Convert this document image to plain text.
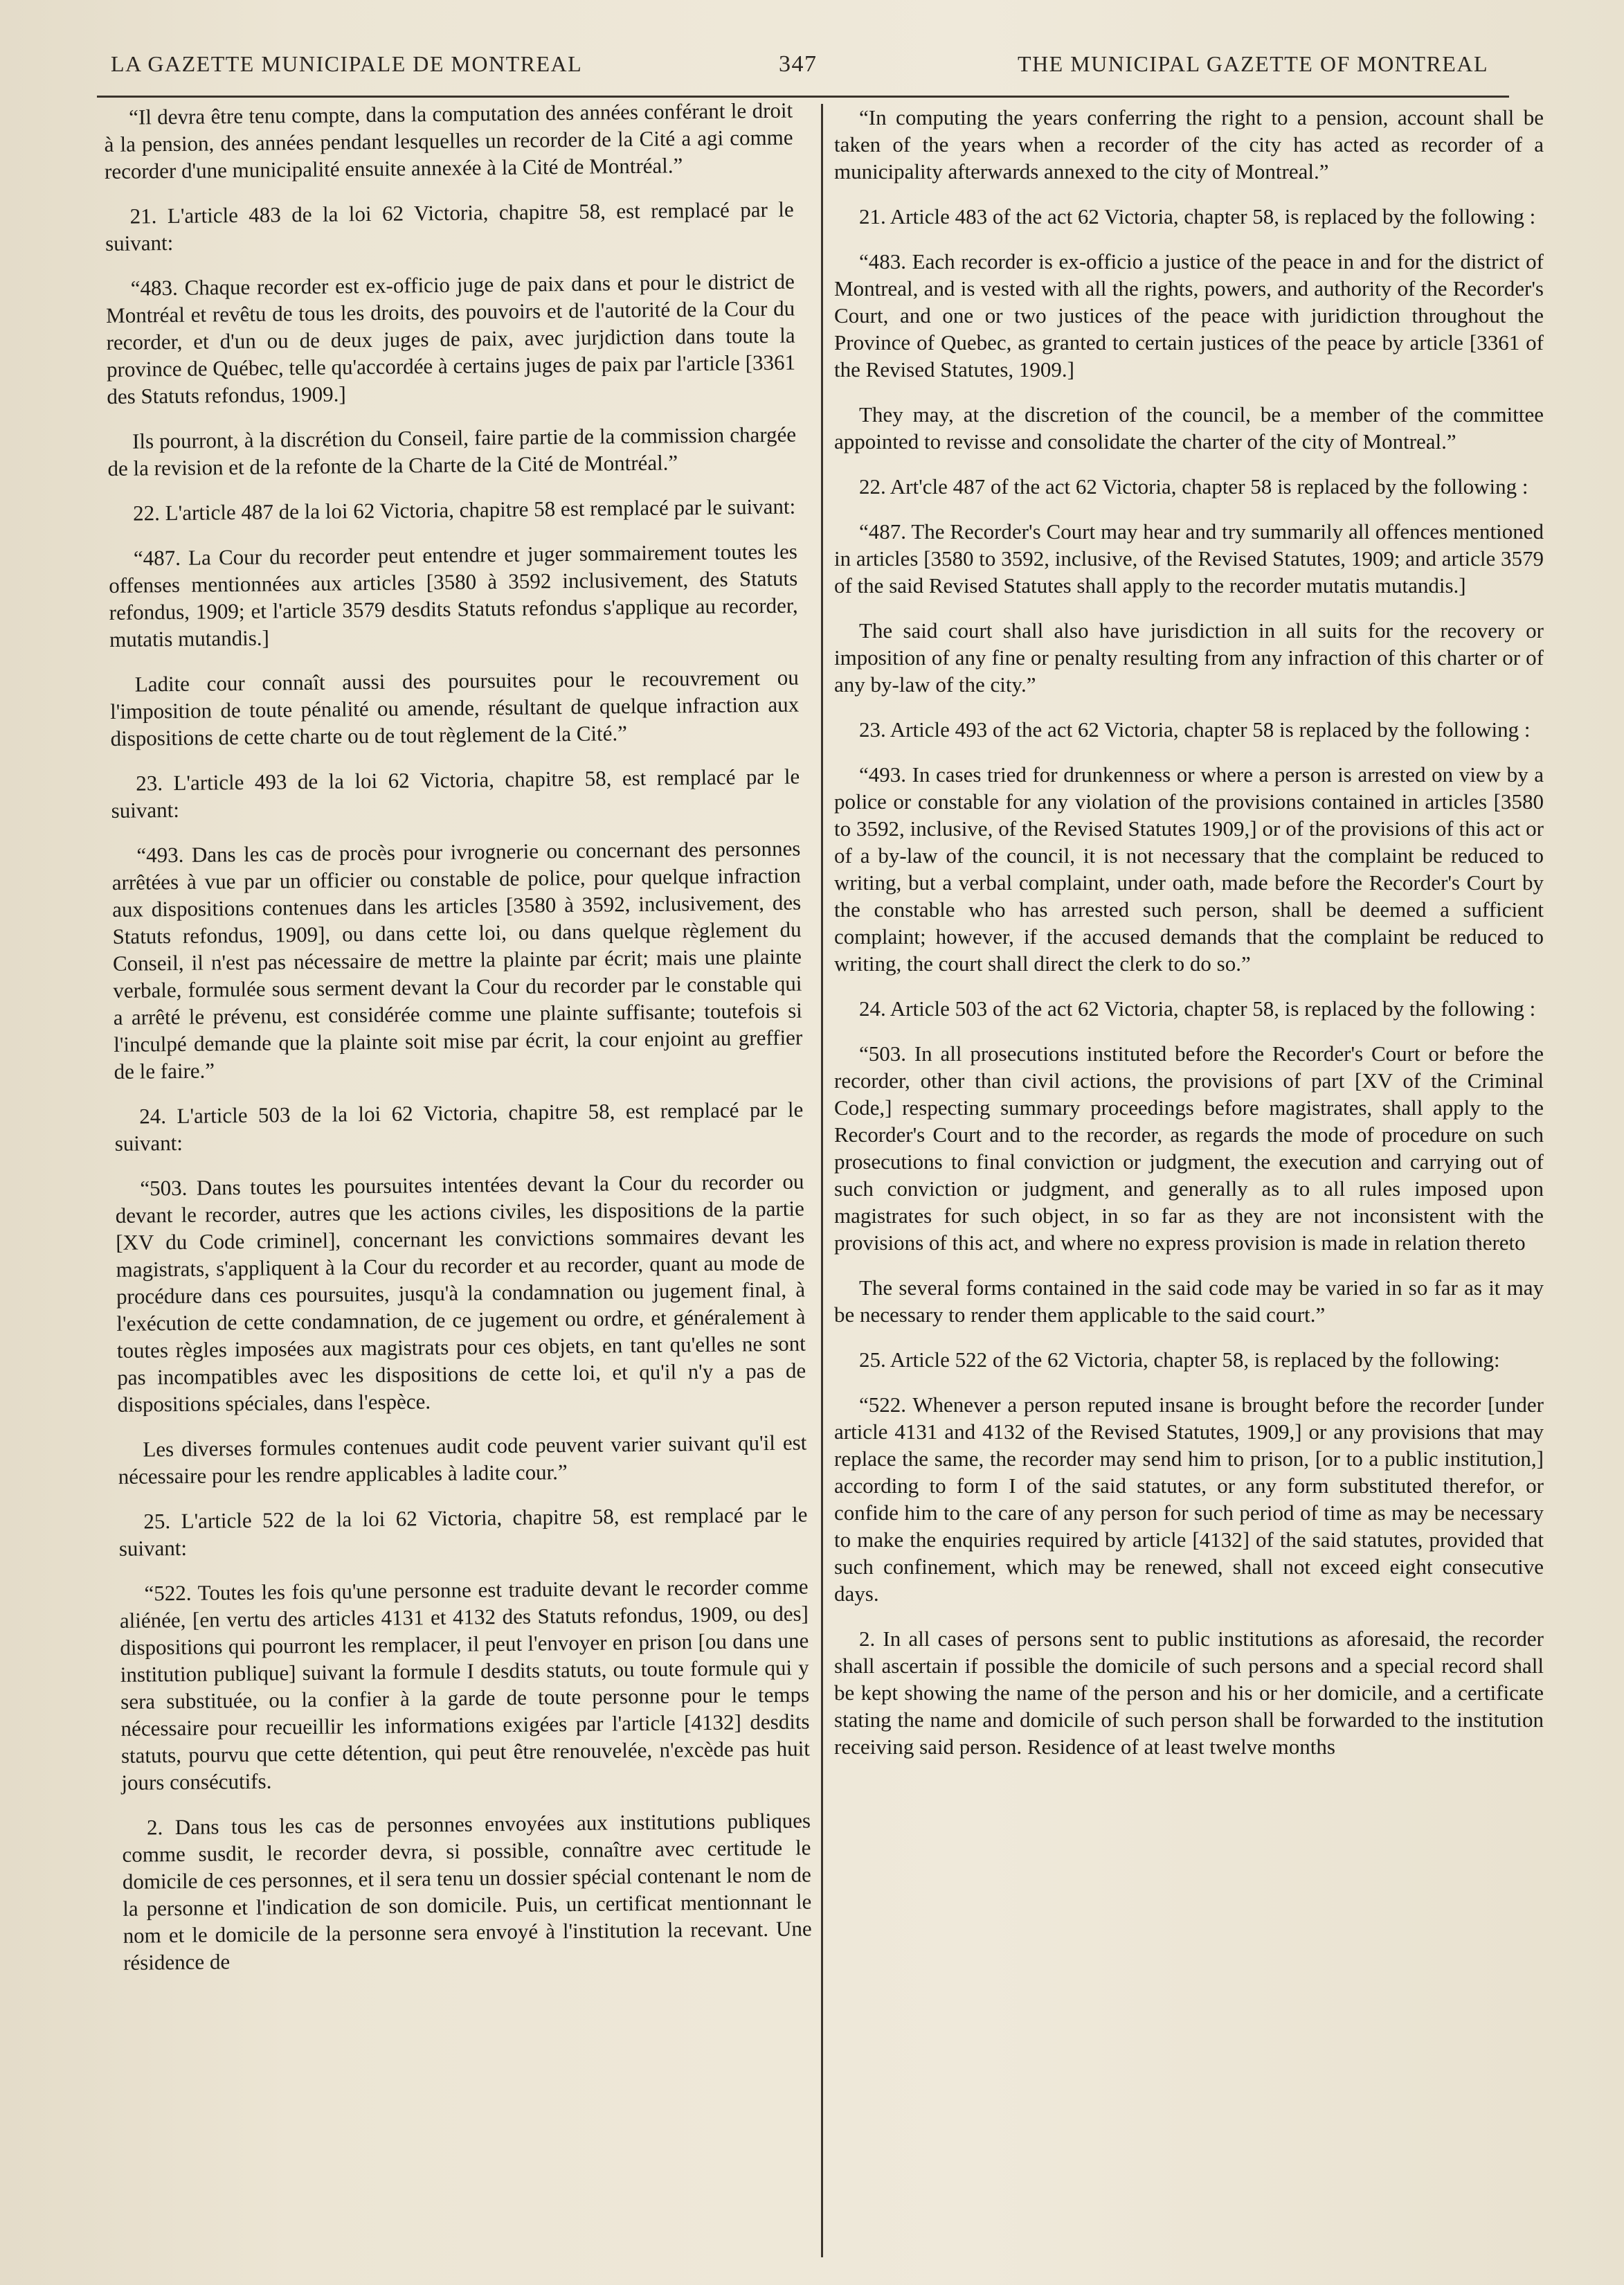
LA GAZETTE MUNICIPALE DE MONTREAL	347	THE MUNICIPAL GAZETTE OF MONTREAL

“Il devra être tenu compte, dans la computation des années conférant le droit à la pension, des années pendant lesquelles un recorder de la Cité a agi comme recorder d'une municipalité ensuite annexée à la Cité de Montréal.”

21. L'article 483 de la loi 62 Victoria, chapitre 58, est remplacé par le suivant:

“483. Chaque recorder est ex-officio juge de paix dans et pour le district de Montréal et revêtu de tous les droits, des pouvoirs et de l'autorité de la Cour du recorder, et d'un ou de deux juges de paix, avec jurjdiction dans toute la province de Québec, telle qu'accordée à certains juges de paix par l'article [3361 des Statuts refondus, 1909.]

Ils pourront, à la discrétion du Conseil, faire partie de la commission chargée de la revision et de la refonte de la Charte de la Cité de Montréal.”

22. L'article 487 de la loi 62 Victoria, chapitre 58 est remplacé par le suivant:

“487. La Cour du recorder peut entendre et juger sommairement toutes les offenses mentionnées aux articles [3580 à 3592 inclusivement, des Statuts refondus, 1909; et l'article 3579 desdits Statuts refondus s'applique au recorder, mutatis mutandis.]

Ladite cour connaît aussi des poursuites pour le recouvrement ou l'imposition de toute pénalité ou amende, résultant de quelque infraction aux dispositions de cette charte ou de tout règlement de la Cité.”

23. L'article 493 de la loi 62 Victoria, chapitre 58, est remplacé par le suivant:

“493. Dans les cas de procès pour ivrognerie ou concernant des personnes arrêtées à vue par un officier ou constable de police, pour quelque infraction aux dispositions contenues dans les articles [3580 à 3592, inclusivement, des Statuts refondus, 1909], ou dans cette loi, ou dans quelque règlement du Conseil, il n'est pas nécessaire de mettre la plainte par écrit; mais une plainte verbale, formulée sous serment devant la Cour du recorder par le constable qui a arrêté le prévenu, est considérée comme une plainte suffisante; toutefois si l'inculpé demande que la plainte soit mise par écrit, la cour enjoint au greffier de le faire.”

24. L'article 503 de la loi 62 Victoria, chapitre 58, est remplacé par le suivant:

“503. Dans toutes les poursuites intentées devant la Cour du recorder ou devant le recorder, autres que les actions civiles, les dispositions de la partie [XV du Code criminel], concernant les convictions sommaires devant les magistrats, s'appliquent à la Cour du recorder et au recorder, quant au mode de procédure dans ces poursuites, jusqu'à la condamnation ou jugement final, à l'exécution de cette condamnation, de ce jugement ou ordre, et généralement à toutes règles imposées aux magistrats pour ces objets, en tant qu'elles ne sont pas incompatibles avec les dispositions de cette loi, et qu'il n'y a pas de dispositions spéciales, dans l'espèce.

Les diverses formules contenues audit code peuvent varier suivant qu'il est nécessaire pour les rendre applicables à ladite cour.”

25. L'article 522 de la loi 62 Victoria, chapitre 58, est remplacé par le suivant:

“522. Toutes les fois qu'une personne est traduite devant le recorder comme aliénée, [en vertu des articles 4131 et 4132 des Statuts refondus, 1909, ou des] dispositions qui pourront les remplacer, il peut l'envoyer en prison [ou dans une institution publique] suivant la formule I desdits statuts, ou toute formule qui y sera substituée, ou la confier à la garde de toute personne pour le temps nécessaire pour recueillir les informations exigées par l'article [4132] desdits statuts, pourvu que cette détention, qui peut être renouvelée, n'excède pas huit jours consécutifs.

2. Dans tous les cas de personnes envoyées aux institutions publiques comme susdit, le recorder devra, si possible, connaître avec certitude le domicile de ces personnes, et il sera tenu un dossier spécial contenant le nom de la personne et l'indication de son domicile. Puis, un certificat mentionnant le nom et le domicile de la personne sera envoyé à l'institution la recevant. Une résidence de

“In computing the years conferring the right to a pension, account shall be taken of the years when a recorder of the city has acted as recorder of a municipality afterwards annexed to the city of Montreal.”

21. Article 483 of the act 62 Victoria, chapter 58, is replaced by the following :

“483. Each recorder is ex-officio a justice of the peace in and for the district of Montreal, and is vested with all the rights, powers, and authority of the Recorder's Court, and one or two justices of the peace with juridiction throughout the Province of Quebec, as granted to certain justices of the peace by article [3361 of the Revised Statutes, 1909.]

They may, at the discretion of the council, be a member of the committee appointed to revisse and consolidate the charter of the city of Montreal.”

22. Art'cle 487 of the act 62 Victoria, chapter 58 is replaced by the following :

“487. The Recorder's Court may hear and try summarily all offences mentioned in articles [3580 to 3592, inclusive, of the Revised Statutes, 1909; and article 3579 of the said Revised Statutes shall apply to the recorder mutatis mutandis.]

The said court shall also have jurisdiction in all suits for the recovery or imposition of any fine or penalty resulting from any infraction of this charter or of any by-law of the city.”

23. Article 493 of the act 62 Victoria, chapter 58 is replaced by the following :

“493. In cases tried for drunkenness or where a person is arrested on view by a police or constable for any violation of the provisions contained in articles [3580 to 3592, inclusive, of the Revised Statutes 1909,] or of the provisions of this act or of a by-law of the council, it is not necessary that the complaint be reduced to writing, but a verbal complaint, under oath, made before the Recorder's Court by the constable who has arrested such person, shall be deemed a sufficient complaint; however, if the accused demands that the complaint be reduced to writing, the court shall direct the clerk to do so.”

24. Article 503 of the act 62 Victoria, chapter 58, is replaced by the following :

“503. In all prosecutions instituted before the Recorder's Court or before the recorder, other than civil actions, the provisions of part [XV of the Criminal Code,] respecting summary proceedings before magistrates, shall apply to the Recorder's Court and to the recorder, as regards the mode of procedure on such prosecutions to final conviction or judgment, the execution and carrying out of such conviction or judgment, and generally as to all rules imposed upon magistrates for such object, in so far as they are not inconsistent with the provisions of this act, and where no express provision is made in relation thereto

The several forms contained in the said code may be varied in so far as it may be necessary to render them applicable to the said court.”

25. Article 522 of the 62 Victoria, chapter 58, is replaced by the following:

“522. Whenever a person reputed insane is brought before the recorder [under article 4131 and 4132 of the Revised Statutes, 1909,] or any provisions that may replace the same, the recorder may send him to prison, [or to a public institution,] according to form I of the said statutes, or any form substituted therefor, or confide him to the care of any person for such period of time as may be necessary to make the enquiries required by article [4132] of the said statutes, provided that such confinement, which may be renewed, shall not exceed eight consecutive days.

2. In all cases of persons sent to public institutions as aforesaid, the recorder shall ascertain if possible the domicile of such persons and a special record shall be kept showing the name of the person and his or her domicile, and a certificate stating the name and domicile of such person shall be forwarded to the institution receiving said person. Residence of at least twelve months
